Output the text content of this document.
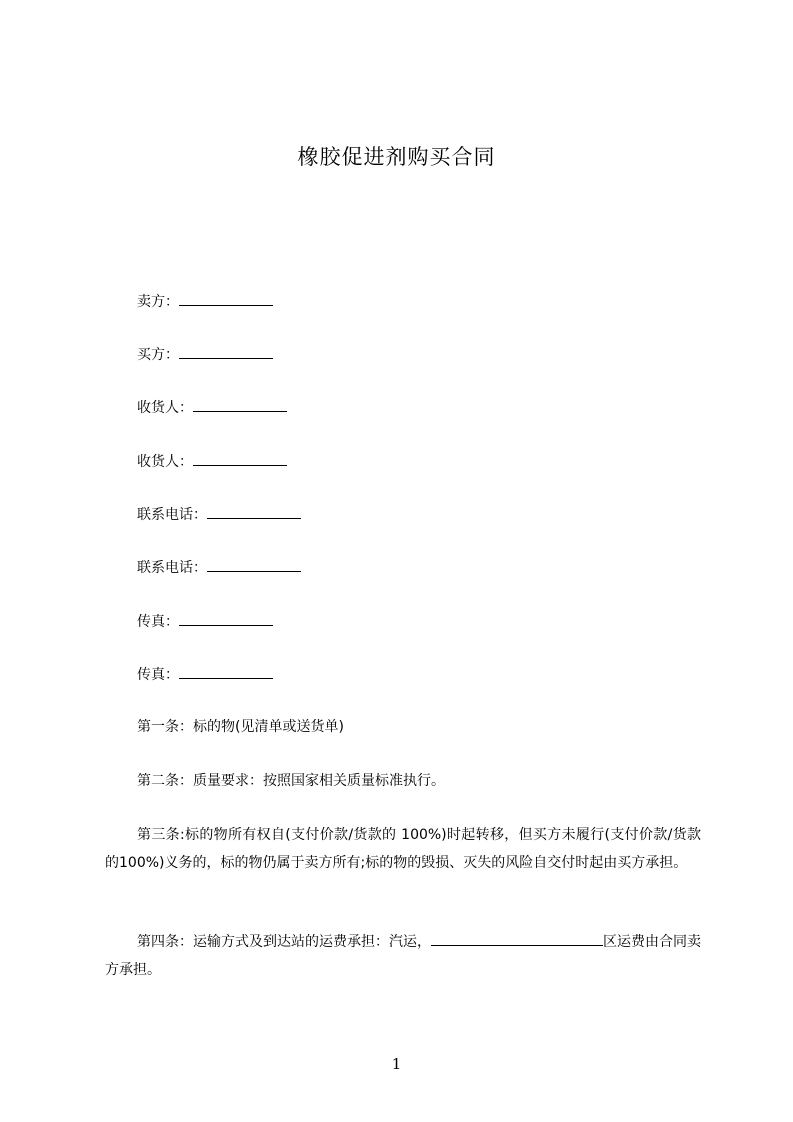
橡胶促进剂购买合同
卖方：
买方：
收货人：
收货人：
联系电话：
联系电话：
传真：
传真：
第一条：标的物(见清单或送货单)
第二条：质量要求：按照国家相关质量标准执行。
第三条:标的物所有权自(支付价款/货款的 100%)时起转移，但买方未履行(支付价款/货款的100%)义务的，标的物仍属于卖方所有;标的物的毁损、灭失的风险自交付时起由买方承担。
第四条：运输方式及到达站的运费承担：汽运，	区运费由合同卖方承担。
1
